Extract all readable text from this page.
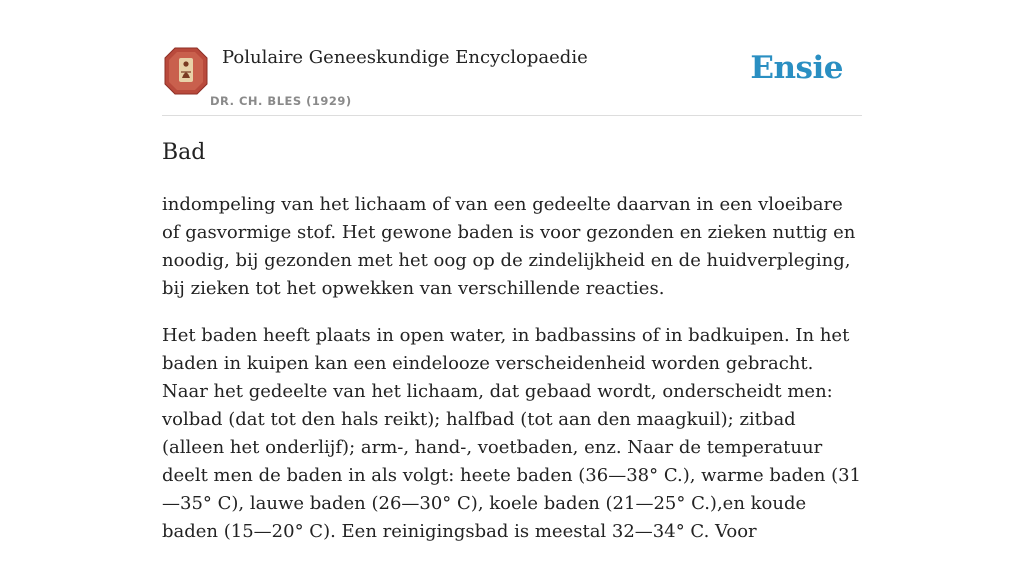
Polulaire Geneeskundige Encyclopaedie
DR. CH. BLES (1929)
Ensie
Bad

indompeling van het lichaam of van een gedeelte daarvan in een vloeibare of gasvormige stof. Het gewone baden is voor gezonden en zieken nuttig en noodig, bij gezonden met het oog op de zindelijkheid en de huidverpleging, bij zieken tot het opwekken van verschillende reacties.

Het baden heeft plaats in open water, in badbassins of in badkuipen. In het baden in kuipen kan een eindelooze verscheidenheid worden gebracht. Naar het gedeelte van het lichaam, dat gebaad wordt, onderscheidt men: volbad (dat tot den hals reikt); halfbad (tot aan den maagkuil); zitbad (alleen het onderlijf); arm-, hand-, voetbaden, enz. Naar de temperatuur deelt men de baden in als volgt: heete baden (36—38° C.), warme baden (31—35° C), lauwe baden (26—30° C), koele baden (21—25° C.),en koude baden (15—20° C). Een reinigingsbad is meestal 32—34° C. Voor
